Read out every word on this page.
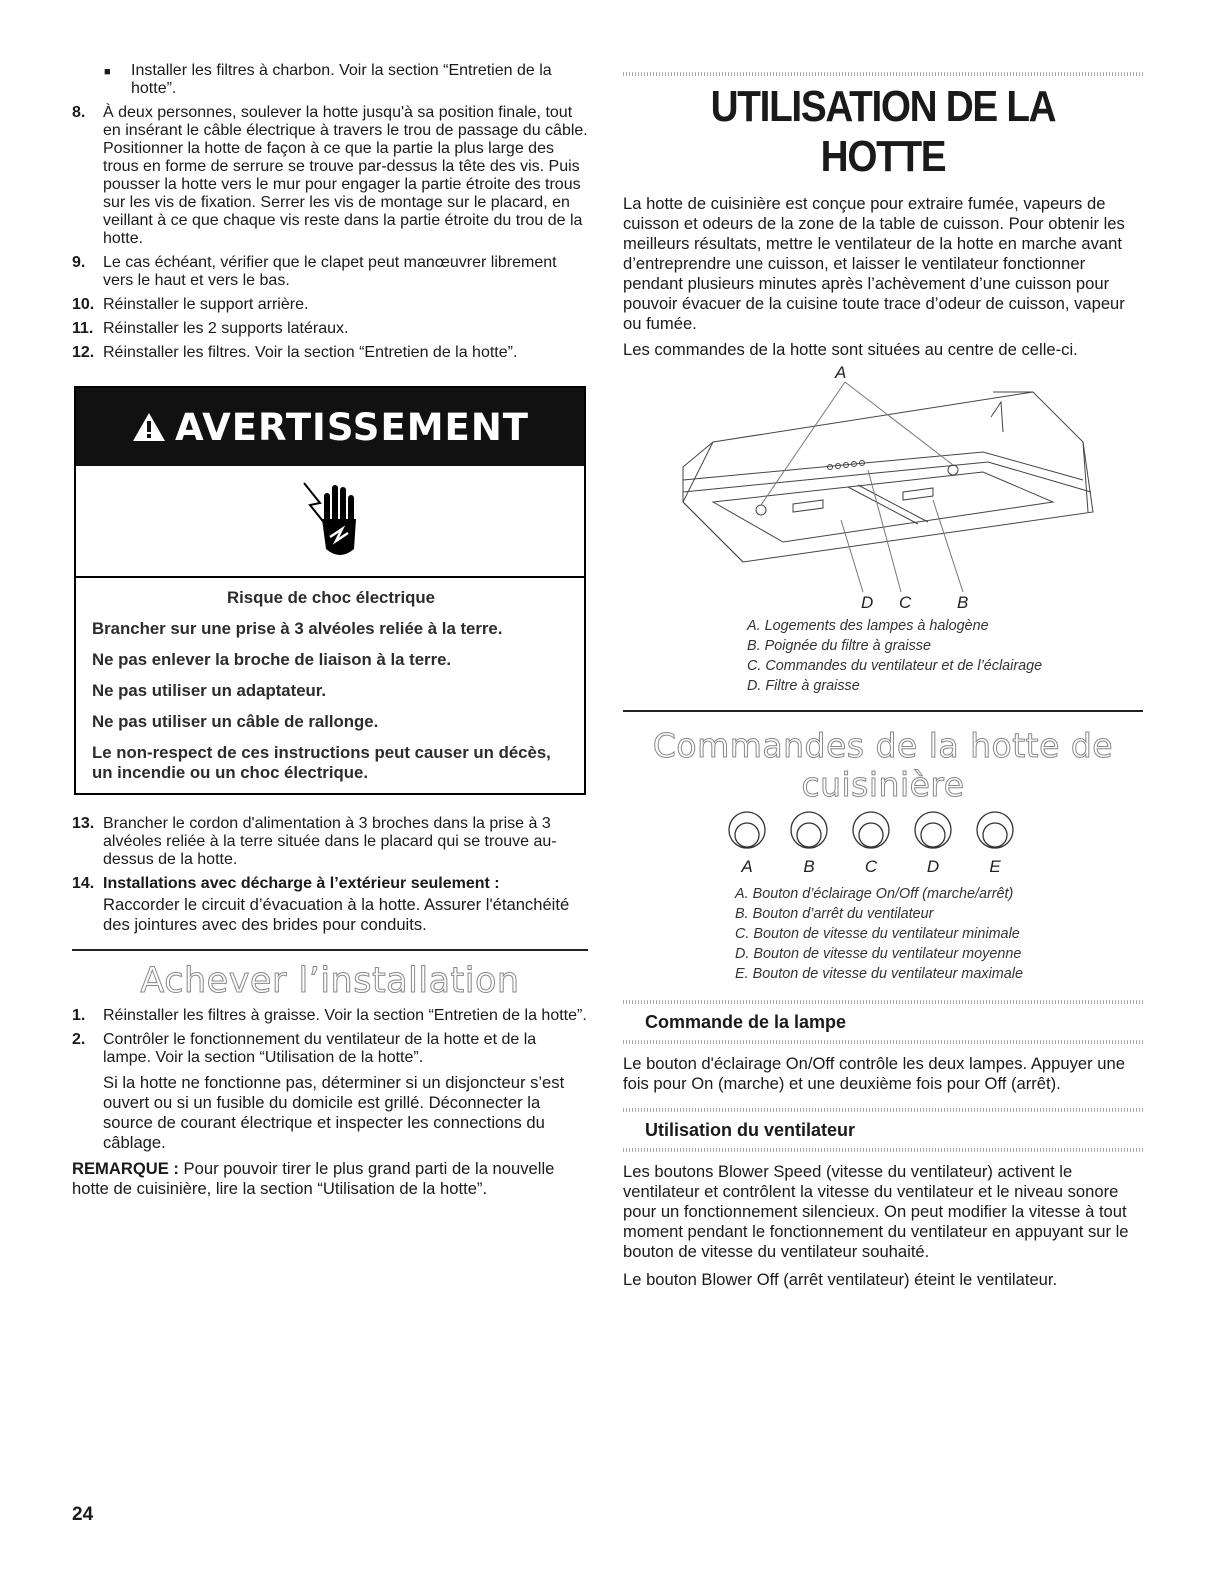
■ Installer les filtres à charbon. Voir la section “Entretien de la hotte”.
8. À deux personnes, soulever la hotte jusqu'à sa position finale, tout en insérant le câble électrique à travers le trou de passage du câble. Positionner la hotte de façon à ce que la partie la plus large des trous en forme de serrure se trouve par-dessus la tête des vis. Puis pousser la hotte vers le mur pour engager la partie étroite des trous sur les vis de fixation. Serrer les vis de montage sur le placard, en veillant à ce que chaque vis reste dans la partie étroite du trou de la hotte.
9. Le cas échéant, vérifier que le clapet peut manœuvrer librement vers le haut et vers le bas.
10. Réinstaller le support arrière.
11. Réinstaller les 2 supports latéraux.
12. Réinstaller les filtres. Voir la section “Entretien de la hotte”.
AVERTISSEMENT

Risque de choc électrique

Brancher sur une prise à 3 alvéoles reliée à la terre.

Ne pas enlever la broche de liaison à la terre.

Ne pas utiliser un adaptateur.

Ne pas utiliser un câble de rallonge.

Le non-respect de ces instructions peut causer un décès, un incendie ou un choc électrique.

13. Brancher le cordon d'alimentation à 3 broches dans la prise à 3 alvéoles reliée à la terre située dans le placard qui se trouve au-dessus de la hotte.
14. Installations avec décharge à l’extérieur seulement :

Raccorder le circuit d’évacuation à la hotte. Assurer l'étanchéité des jointures avec des brides pour conduits.

Achever l’installation
1. Réinstaller les filtres à graisse. Voir la section “Entretien de la hotte”.
2. Contrôler le fonctionnement du ventilateur de la hotte et de la lampe. Voir la section “Utilisation de la hotte”.

Si la hotte ne fonctionne pas, déterminer si un disjoncteur s’est ouvert ou si un fusible du domicile est grillé. Déconnecter la source de courant électrique et inspecter les connections du câblage.

REMARQUE : Pour pouvoir tirer le plus grand parti de la nouvelle hotte de cuisinière, lire la section “Utilisation de la hotte”.

UTILISATION DE LA HOTTE

La hotte de cuisinière est conçue pour extraire fumée, vapeurs de cuisson et odeurs de la zone de la table de cuisson. Pour obtenir les meilleurs résultats, mettre le ventilateur de la hotte en marche avant d’entreprendre une cuisson, et laisser le ventilateur fonctionner pendant plusieurs minutes après l’achèvement d’une cuisson pour pouvoir évacuer de la cuisine toute trace d’odeur de cuisson, vapeur ou fumée.

Les commandes de la hotte sont situées au centre de celle-ci.

A
D C	B
A. Logements des lampes à halogène
B. Poignée du filtre à graisse
C. Commandes du ventilateur et de l’éclairage
D. Filtre à graisse
Commandes de la hotte de cuisinière
A	B	C	D	E
A. Bouton d’éclairage On/Off (marche/arrêt)
B. Bouton d’arrêt du ventilateur
C. Bouton de vitesse du ventilateur minimale
D. Bouton de vitesse du ventilateur moyenne
E. Bouton de vitesse du ventilateur maximale
Commande de la lampe

Le bouton d'éclairage On/Off contrôle les deux lampes. Appuyer une fois pour On (marche) et une deuxième fois pour Off (arrêt).

Utilisation du ventilateur

Les boutons Blower Speed (vitesse du ventilateur) activent le ventilateur et contrôlent la vitesse du ventilateur et le niveau sonore pour un fonctionnement silencieux. On peut modifier la vitesse à tout moment pendant le fonctionnement du ventilateur en appuyant sur le bouton de vitesse du ventilateur souhaité.

Le bouton Blower Off (arrêt ventilateur) éteint le ventilateur.

24
